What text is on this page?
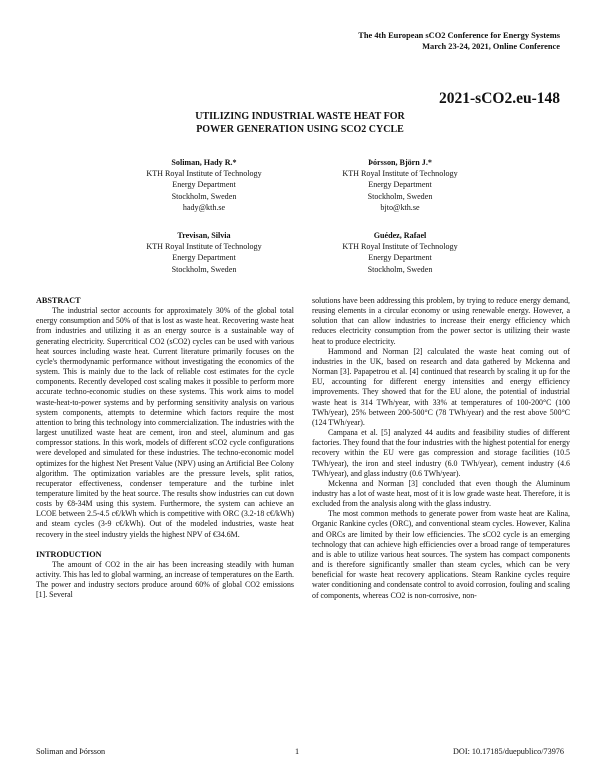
The 4th European sCO2 Conference for Energy Systems
March 23-24, 2021, Online Conference
2021-sCO2.eu-148
UTILIZING INDUSTRIAL WASTE HEAT FOR
POWER GENERATION USING SCO2 CYCLE
Soliman, Hady R.*
KTH Royal Institute of Technology
Energy Department
Stockholm, Sweden
hady@kth.se
Þórsson, Björn J.*
KTH Royal Institute of Technology
Energy Department
Stockholm, Sweden
bjto@kth.se
Trevisan, Silvia
KTH Royal Institute of Technology
Energy Department
Stockholm, Sweden
Guédez, Rafael
KTH Royal Institute of Technology
Energy Department
Stockholm, Sweden
ABSTRACT

The industrial sector accounts for approximately 30% of the global total energy consumption and 50% of that is lost as waste heat. Recovering waste heat from industries and utilizing it as an energy source is a sustainable way of generating electricity. Supercritical CO2 (sCO2) cycles can be used with various heat sources including waste heat. Current literature primarily focuses on the cycle's thermodynamic performance without investigating the economics of the system. This is mainly due to the lack of reliable cost estimates for the cycle components. Recently developed cost scaling makes it possible to perform more accurate techno-economic studies on these systems. This work aims to model waste-heat-to-power systems and by performing sensitivity analysis on various system components, attempts to determine which factors require the most attention to bring this technology into commercialization. The industries with the largest unutilized waste heat are cement, iron and steel, aluminum and gas compressor stations. In this work, models of different sCO2 cycle configurations were developed and simulated for these industries. The techno-economic model optimizes for the highest Net Present Value (NPV) using an Artificial Bee Colony algorithm. The optimization variables are the pressure levels, split ratios, recuperator effectiveness, condenser temperature and the turbine inlet temperature limited by the heat source. The results show industries can cut down costs by €8-34M using this system. Furthermore, the system can achieve an LCOE between 2.5-4.5 c€/kWh which is competitive with ORC (3.2-18 c€/kWh) and steam cycles (3-9 c€/kWh). Out of the modeled industries, waste heat recovery in the steel industry yields the highest NPV of €34.6M.

INTRODUCTION

The amount of CO2 in the air has been increasing steadily with human activity. This has led to global warming, an increase of temperatures on the Earth. The power and industry sectors produce around 60% of global CO2 emissions [1]. Several

solutions have been addressing this problem, by trying to reduce energy demand, reusing elements in a circular economy or using renewable energy. However, a solution that can allow industries to increase their energy efficiency which reduces electricity consumption from the power sector is utilizing their waste heat to produce electricity.

Hammond and Norman [2] calculated the waste heat coming out of industries in the UK, based on research and data gathered by Mckenna and Norman [3]. Papapetrou et al. [4] continued that research by scaling it up for the EU, accounting for different energy intensities and energy efficiency improvements. They showed that for the EU alone, the potential of industrial waste heat is 314 TWh/year, with 33% at temperatures of 100-200°C (100 TWh/year), 25% between 200-500°C (78 TWh/year) and the rest above 500°C (124 TWh/year).

Campana et al. [5] analyzed 44 audits and feasibility studies of different factories. They found that the four industries with the highest potential for energy recovery within the EU were gas compression and storage facilities (10.5 TWh/year), the iron and steel industry (6.0 TWh/year), cement industry (4.6 TWh/year), and glass industry (0.6 TWh/year).

Mckenna and Norman [3] concluded that even though the Aluminum industry has a lot of waste heat, most of it is low grade waste heat. Therefore, it is excluded from the analysis along with the glass industry.

The most common methods to generate power from waste heat are Kalina, Organic Rankine cycles (ORC), and conventional steam cycles. However, Kalina and ORCs are limited by their low efficiencies. The sCO2 cycle is an emerging technology that can achieve high efficiencies over a broad range of temperatures and is able to utilize various heat sources. The system has compact components and is therefore significantly smaller than steam cycles, which can be very beneficial for waste heat recovery applications. Steam Rankine cycles require water conditioning and condensate control to avoid corrosion, fouling and scaling of components, whereas CO2 is non-corrosive, non-

Soliman and Þórsson	1	DOI: 10.17185/duepublico/73976
